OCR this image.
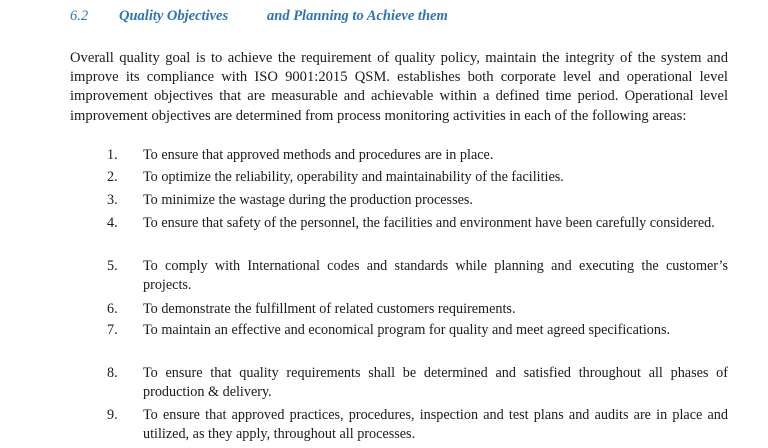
6.2 Quality Objectives	and Planning to Achieve them

Overall quality goal is to achieve the requirement of quality policy, maintain the integrity of the system and improve its compliance with ISO 9001:2015 QSM. establishes both corporate level and operational level improvement objectives that are measurable and achievable within a defined time period. Operational level improvement objectives are determined from process monitoring activities in each of the following areas:

1. To ensure that approved methods and procedures are in place.
2. To optimize the reliability, operability and maintainability of the facilities.
3. To minimize the wastage during the production processes.
4. To ensure that safety of the personnel, the facilities and environment have been carefully considered.
5. To comply with International codes and standards while planning and executing the customer’s projects.
6. To demonstrate the fulfillment of related customers requirements.
7. To maintain an effective and economical program for quality and meet agreed specifications.
8. To ensure that quality requirements shall be determined and satisfied throughout all phases of production & delivery.
9. To ensure that approved practices, procedures, inspection and test plans and audits are in place and utilized, as they apply, throughout all processes.
